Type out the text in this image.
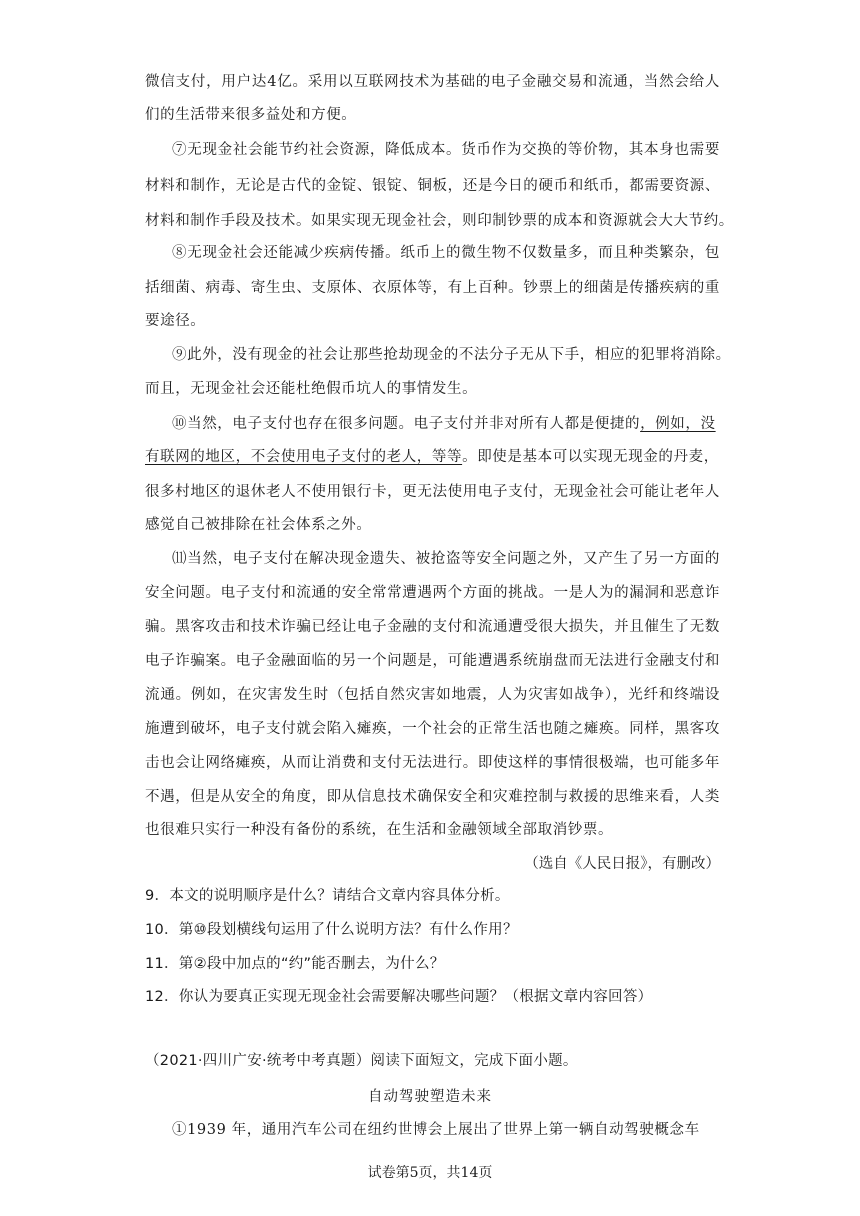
微信支付，用户达4亿。采用以互联网技术为基础的电子金融交易和流通，当然会给人
们的生活带来很多益处和方便。
⑦无现金社会能节约社会资源，降低成本。货币作为交换的等价物，其本身也需要
材料和制作，无论是古代的金锭、银锭、铜板，还是今日的硬币和纸币，都需要资源、
材料和制作手段及技术。如果实现无现金社会，则印制钞票的成本和资源就会大大节约。
⑧无现金社会还能减少疾病传播。纸币上的微生物不仅数量多，而且种类繁杂，包
括细菌、病毒、寄生虫、支原体、衣原体等，有上百种。钞票上的细菌是传播疾病的重
要途径。
⑨此外，没有现金的社会让那些抢劫现金的不法分子无从下手，相应的犯罪将消除。
而且，无现金社会还能杜绝假币坑人的事情发生。
⑩当然，电子支付也存在很多问题。电子支付并非对所有人都是便捷的，例如，没
有联网的地区，不会使用电子支付的老人，等等。即使是基本可以实现无现金的丹麦，
很多村地区的退休老人不使用银行卡，更无法使用电子支付，无现金社会可能让老年人
感觉自己被排除在社会体系之外。
⑾当然，电子支付在解决现金遗失、被抢盗等安全问题之外，又产生了另一方面的
安全问题。电子支付和流通的安全常常遭遇两个方面的挑战。一是人为的漏洞和恶意诈
骗。黑客攻击和技术诈骗已经让电子金融的支付和流通遭受很大损失，并且催生了无数
电子诈骗案。电子金融面临的另一个问题是，可能遭遇系统崩盘而无法进行金融支付和
流通。例如，在灾害发生时（包括自然灾害如地震，人为灾害如战争），光纤和终端设
施遭到破坏，电子支付就会陷入瘫痪，一个社会的正常生活也随之瘫痪。同样，黑客攻
击也会让网络瘫痪，从而让消费和支付无法进行。即使这样的事情很极端，也可能多年
不遇，但是从安全的角度，即从信息技术确保安全和灾难控制与救援的思维来看，人类
也很难只实行一种没有备份的系统，在生活和金融领域全部取消钞票。
（选自《人民日报》，有删改）
9．本文的说明顺序是什么？请结合文章内容具体分析。
10．第⑩段划横线句运用了什么说明方法？有什么作用？
11．第②段中加点的“约”能否删去，为什么？
12．你认为要真正实现无现金社会需要解决哪些问题？（根据文章内容回答）
（2021·四川广安·统考中考真题）阅读下面短文，完成下面小题。
自动驾驶塑造未来
①1939 年，通用汽车公司在纽约世博会上展出了世界上第一辆自动驾驶概念车
试卷第5页，共14页
